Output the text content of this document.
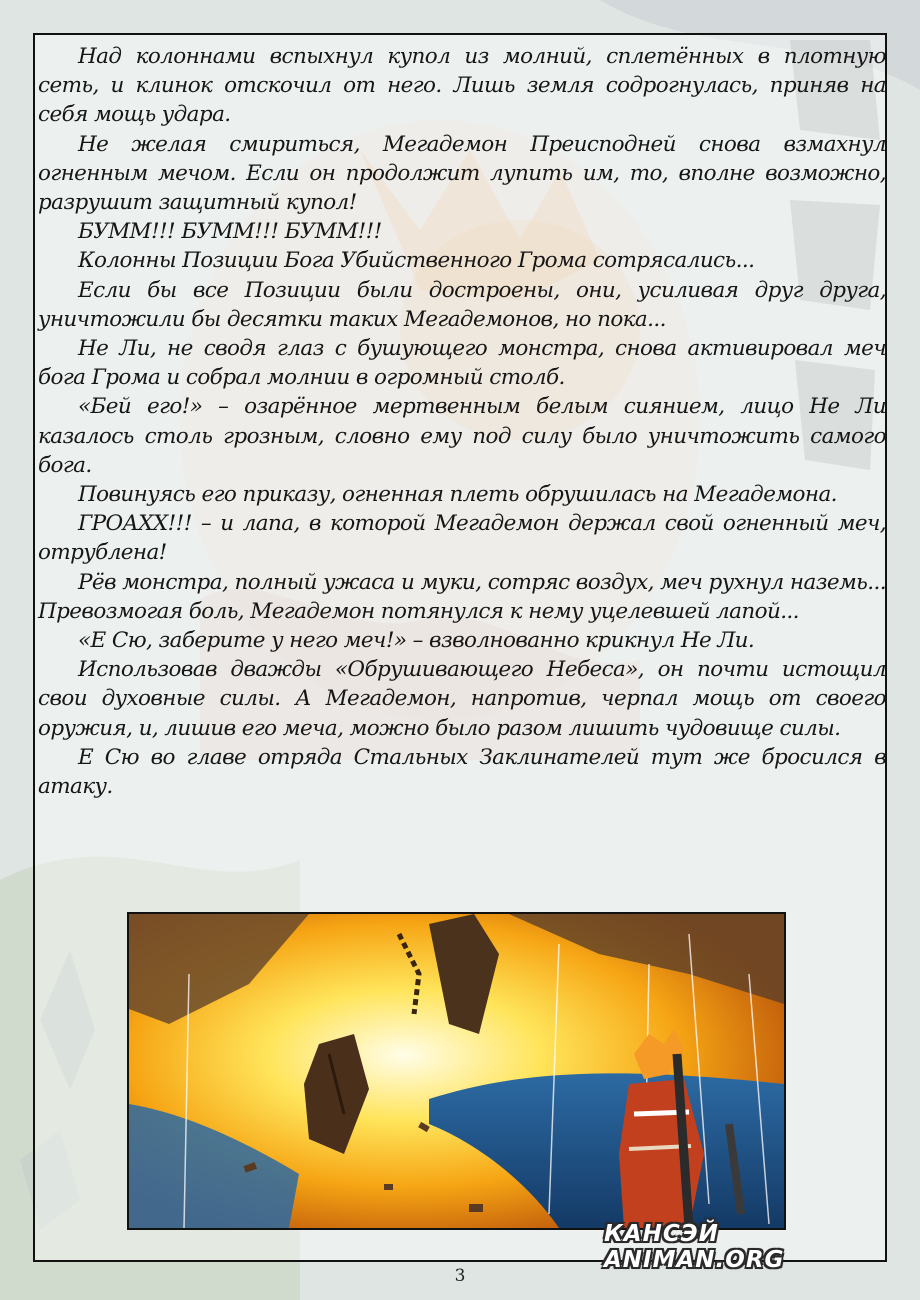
Над колоннами вспыхнул купол из молний, сплетённых в плотную сеть, и клинок отскочил от него. Лишь земля содрогнулась, приняв на себя мощь удара.

Не желая смириться, Мегадемон Преисподней снова взмахнул огненным мечом. Если он продолжит лупить им, то, вполне возможно, разрушит защитный купол!

БУММ!!! БУММ!!! БУММ!!!

Колонны Позиции Бога Убийственного Грома сотрясались...

Если бы все Позиции были достроены, они, усиливая друг друга, уничтожили бы десятки таких Мегадемонов, но пока...

Не Ли, не сводя глаз с бушующего монстра, снова активировал меч бога Грома и собрал молнии в огромный столб.

«Бей его!» – озарённое мертвенным белым сиянием, лицо Не Ли казалось столь грозным, словно ему под силу было уничтожить самого бога.

Повинуясь его приказу, огненная плеть обрушилась на Мегадемона.

ГРОАХХ!!! – и лапа, в которой Мегадемон держал свой огненный меч, отрублена!

Рёв монстра, полный ужаса и муки, сотряс воздух, меч рухнул наземь... Превозмогая боль, Мегадемон потянулся к нему уцелевшей лапой...

«Е Сю, заберите у него меч!» – взволнованно крикнул Не Ли.

Использовав дважды «Обрушивающего Небеса», он почти истощил свои духовные силы. А Мегадемон, напротив, черпал мощь от своего оружия, и, лишив его меча, можно было разом лишить чудовище силы.

Е Сю во главе отряда Стальных Заклинателей тут же бросился в атаку.

КАНСЭЙ ANIMAN.ORG
3
